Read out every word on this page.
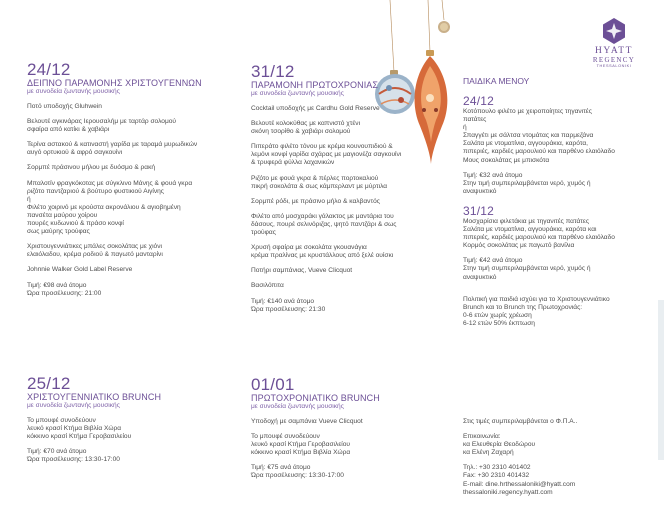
HYATT
REGENCY
THESSALONIKI
24/12
ΔΕΙΠΝΟ ΠΑΡΑΜΟΝΗΣ ΧΡΙΣΤΟΥΓΕΝΝΩΝ
με συνοδεία ζωντανής μουσικής

Ποτό υποδοχής Gluhwein

Βελουτέ αγκινάρας Ιερουσαλήμ με ταρτάρ σολομού

σφαίρα από κατίκι & χαβιάρι

Τερίνα αστακού & κατιναστή γαρίδα με ταραμά μυρωδικών

αυγό ορτυκιού & αφρό σαγκουίνι

Σορμπέ πράσινου μήλου με δυόσμο & ρακή

Μπαλοτίν φραγκόκοτας με σύγκλινο Μάνης & φουά γκρα

ριζότο παντζαριού & βούτυρο φυστικιού Αιγίνης

ή

Φιλέτο χοιρινό με κρούστα ακρονάλιου & αγιοβημένη

πανσέτα μαύρου χοίρου

πουρές κυδωνιού & πράσο κονφί

σως μαύρης τρούφας

Χριστουγεννιάτικες μπάλες σοκολάτας με χιόνι

ελαιόλαδου, κρέμα ροδιού & παγωτό μανταρίνι

Johnnie Walker Gold Label Reserve

Τιμή: €98 ανά άτομο

Ώρα προσέλευσης: 21:00

25/12
ΧΡΙΣΤΟΥΓΕΝΝΙΑΤΙΚΟ BRUNCH
με συνοδεία ζωντανής μουσικής

Το μπουφέ συνοδεύουν

λευκό κρασί Κτήμα Βιβλία Χώρα

κόκκινο κρασί Κτήμα Γεροβασιλείου

Τιμή: €70 ανά άτομο

Ώρα προσέλευσης: 13:30-17:00

31/12
ΠΑΡΑΜΟΝΗ ΠΡΩΤΟΧΡΟΝΙΑΣ
με συνοδεία ζωντανής μουσικής

Cocktail υποδοχής με Cardhu Gold Reserve

Βελουτέ κολοκύθας με καπνιστό χτένι

σκόνη τσορίθο & χαβιάρι σολομού

Πιπεράτο φιλέτο τόνου με κρέμα κουνουπιδιού &

λεμόνι κονφί γαρίδα σχάρας με μαγιονέζα σαγκουίνι

& τρυφερά φύλλα λαχανικών

Ριζότο με φουά γκρα & πέρλες πορτοκαλιού

πικρή σοκολάτα & σως κάμπερλαντ με μύρτιλα

Σορμπέ ρόδι, με πράσινο μήλο & καλβαντός

Φιλέτο από μοσχαράκι γάλακτος με μαντάρια του

δάσους, πουρέ σελινόριζας, ψητό παντζάρι & σως

τρούφας

Χρυσή σφαίρα με σοκολάτα γκουανάγια

κρέμα πραλίνας με κρυστάλλους από ξελέ ουίσκι

Ποτήρι σαμπάνιας, Vueve Clicquot

Βασιλόπιτα

Τιμή: €140 ανά άτομο

Ώρα προσέλευσης: 21:30

01/01
ΠΡΩΤΟΧΡΟΝΙΑΤΙΚΟ BRUNCH
με συνοδεία ζωντανής μουσικής

Υποδοχή με σαμπάνια Vueve Clicquot

Το μπουφέ συνοδεύουν

λευκό κρασί Κτήμα Γεροβασιλείου

κόκκινο κρασί Κτήμα Βιβλία Χώρα

Τιμή: €75 ανά άτομο

Ώρα προσέλευσης: 13:30-17:00

ΠΑΙΔΙΚΑ ΜΕΝΟΥ
24/12

Κοτόπουλο φιλέτο με χειροποίητες τηγανιτές

πατάτες

ή

Σπαγγέτι με σάλτσα ντομάτας και παρμεζάνα

Σαλάτα με ντοματίνια, αγγουράκια, καρότα,

πιπεριές, καρδιές μαρουλιού και παρθένο ελαιόλαδο

Μους σοκολάτας με μπισκότα

Τιμή: €32 ανά άτομο

Στην τιμή συμπεριλαμβάνεται νερό, χυμός ή

αναψυκτικό

31/12

Μοσχαρίσια φιλετάκια με τηγανιτές πατάτες

Σαλάτα με ντοματίνια, αγγουράκια, καρότα και

πιπεριές, καρδιές μαρουλιού και παρθένο ελαιόλαδο

Κορμός σοκολάτας με παγωτό βανίλια

Τιμή: €42 ανά άτομο

Στην τιμή συμπεριλαμβάνεται νερό, χυμός ή

αναψυκτικό

Πολιτική για παιδιά ισχύει για το Χριστουγεννιάτικο

Brunch και το Brunch της Πρωτοχρονιάς:

0-6 ετών χωρίς χρέωση

6-12 ετών 50% έκπτωση

Στις τιμές συμπεριλαμβάνεται ο Φ.Π.Α..

Επικοινωνία:

κα Ελευθερία Θεοδώρου

κα Ελένη Ζαχαρή

Τηλ.: +30 2310 401402

Fax: +30 2310 401432

E-mail: dine.hrthessaloniki@hyatt.com

thessaloniki.regency.hyatt.com
